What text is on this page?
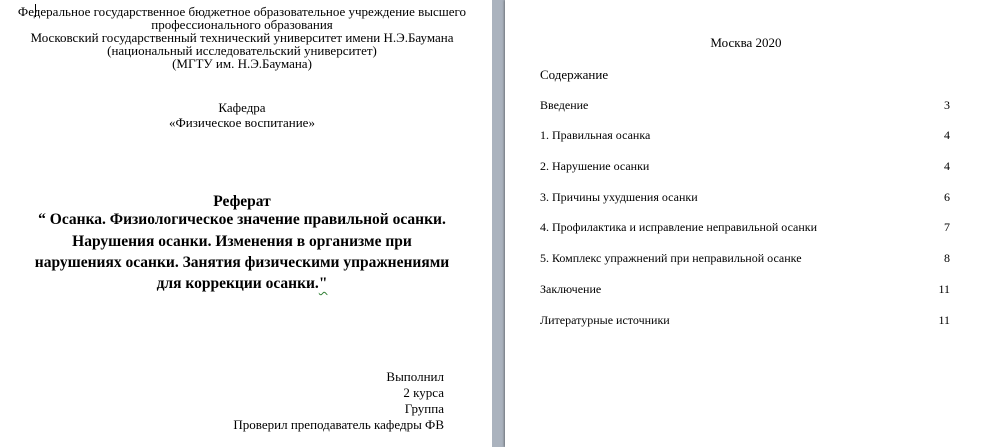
Федеральное государственное бюджетное образовательное учреждение высшего
профессионального образования
Московский государственный технический университет имени Н.Э.Баумана
(национальный исследовательский университет)
(МГТУ им. Н.Э.Баумана)
Кафедра
«Физическое воспитание»
Реферат
“ Осанка. Физиологическое значение правильной осанки.
Нарушения осанки. Изменения в организме при
нарушениях осанки. Занятия физическими упражнениями
для коррекции осанки."
Выполнил
2 курса
Группа
Проверил преподаватель кафедры ФВ
Москва 2020
Содержание
Введение	3
1. Правильная осанка	4
2. Нарушение осанки	4
3. Причины ухудшения осанки	6
4. Профилактика и исправление неправильной осанки	7
5. Комплекс упражнений при неправильной осанке	8
Заключение	11
Литературные источники	11
